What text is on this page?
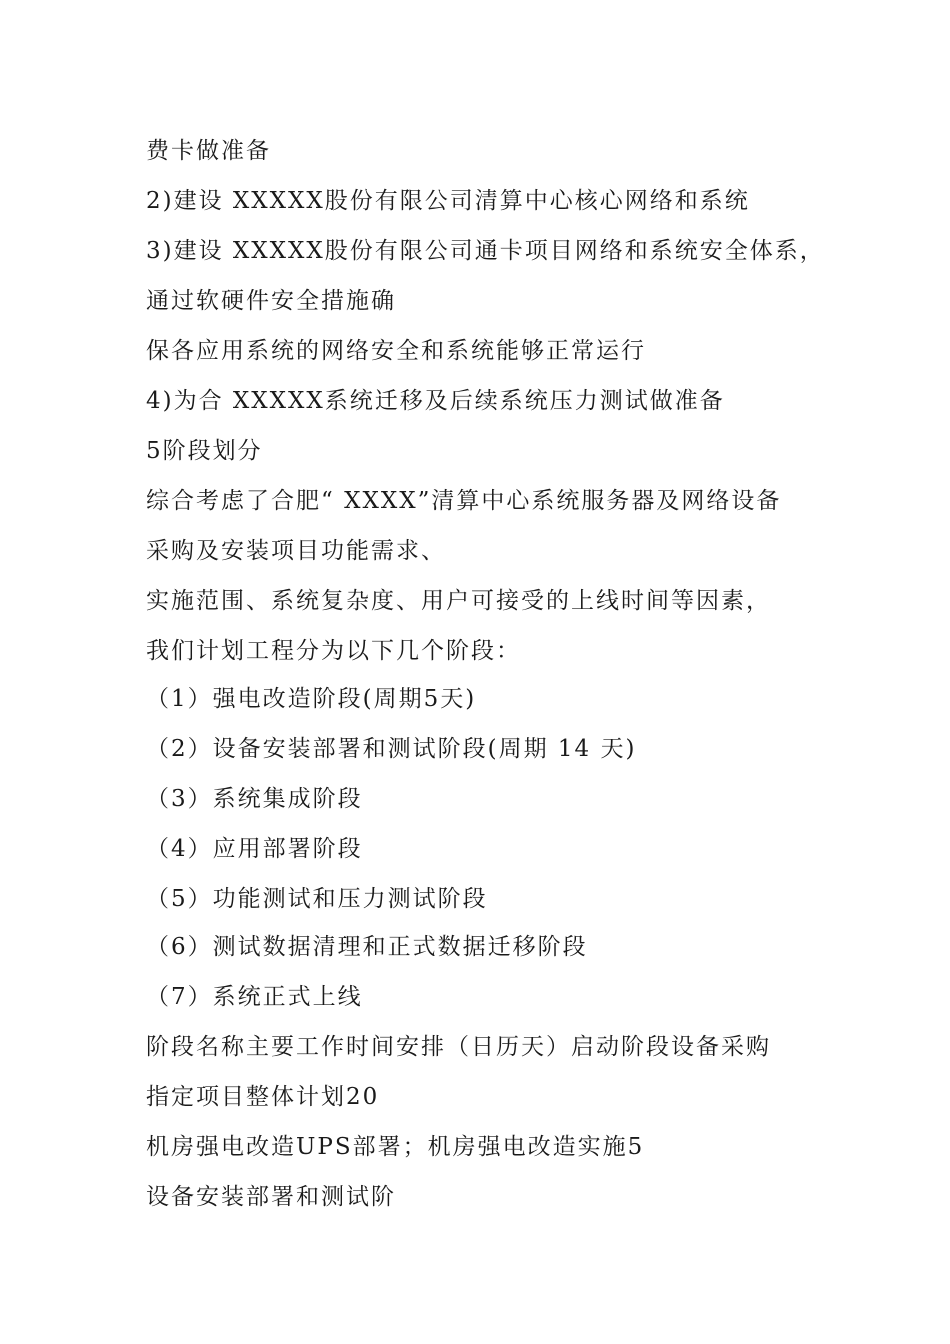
费卡做准备

2)建设 XXXXX股份有限公司清算中心核心网络和系统

3)建设 XXXXX股份有限公司通卡项目网络和系统安全体系，

通过软硬件安全措施确

保各应用系统的网络安全和系统能够正常运行

4)为合 XXXXX系统迁移及后续系统压力测试做准备

5阶段划分

综合考虑了合肥“ XXXX”清算中心系统服务器及网络设备

采购及安装项目功能需求、

实施范围、系统复杂度、用户可接受的上线时间等因素，

我们计划工程分为以下几个阶段：

（1）强电改造阶段(周期5天)

（2）设备安装部署和测试阶段(周期 14 天)

（3）系统集成阶段

（4）应用部署阶段

（5）功能测试和压力测试阶段

（6）测试数据清理和正式数据迁移阶段

（7）系统正式上线

阶段名称主要工作时间安排（日历天）启动阶段设备采购

指定项目整体计划20

机房强电改造UPS部署；机房强电改造实施5

设备安装部署和测试阶
